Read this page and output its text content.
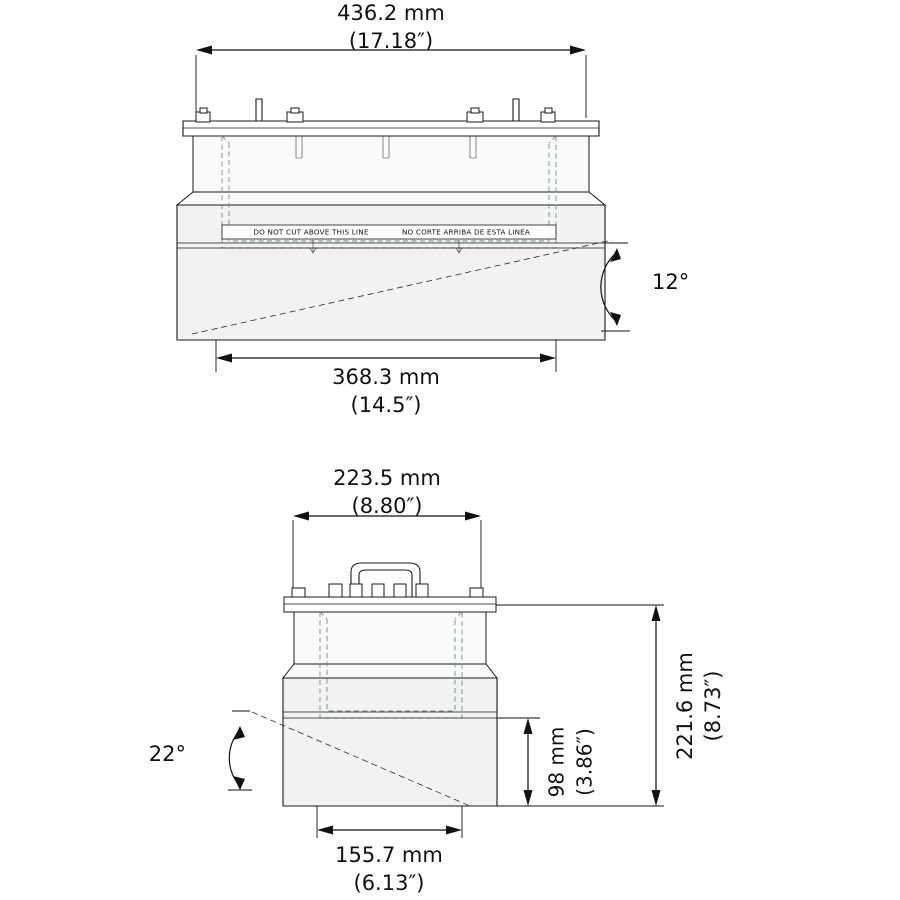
436.2 mm
(17.18″)
DO NOT CUT ABOVE THIS LINE	NO CORTE ARRIBA DE ESTA LINEA
12°
368.3 mm
(14.5″)
223.5 mm
(8.80″)
22°	98 mm (3.86″)
221.6 mm (8.73″)
155.7 mm
(6.13″)
